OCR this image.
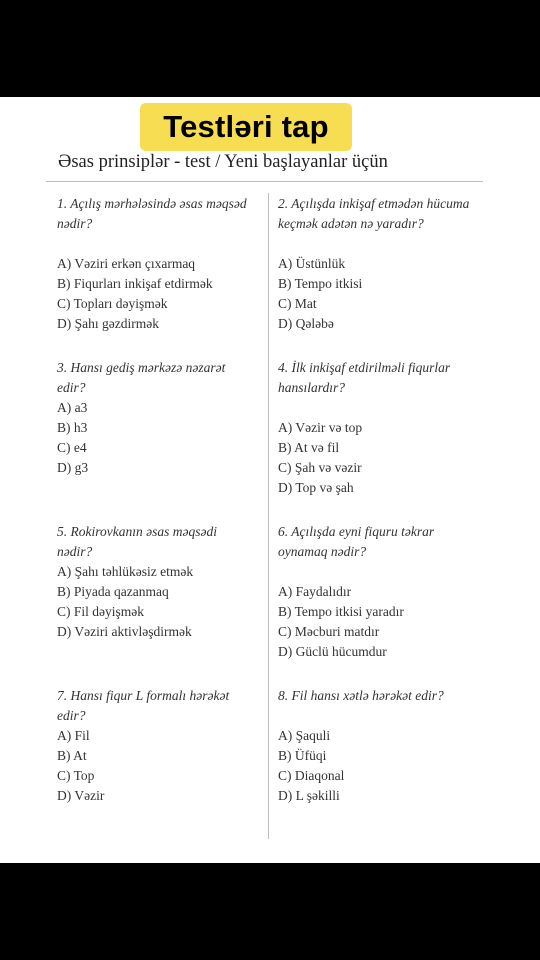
Testləri tap
Əsas prinsiplər - test / Yeni başlayanlar üçün

1. Açılış mərhələsində əsas məqsəd nədir?

A) Vəziri erkən çıxarmaq
B) Fiqurları inkişaf etdirmək
C) Topları dəyişmək
D) Şahı gəzdirmək

2. Açılışda inkişaf etmədən hücuma keçmək adətən nə yaradır?

A) Üstünlük
B) Tempo itkisi
C) Mat
D) Qələbə

3. Hansı gediş mərkəzə nəzarət edir?

A) a3
B) h3
C) e4
D) g3

4. İlk inkişaf etdirilməli fiqurlar hansılardır?

A) Vəzir və top
B) At və fil
C) Şah və vəzir
D) Top və şah

5. Rokirovkanın əsas məqsədi nədir?

A) Şahı təhlükəsiz etmək
B) Piyada qazanmaq
C) Fil dəyişmək
D) Vəziri aktivləşdirmək

6. Açılışda eyni fiquru təkrar oynamaq nədir?

A) Faydalıdır
B) Tempo itkisi yaradır
C) Məcburi matdır
D) Güclü hücumdur

7. Hansı fiqur L formalı hərəkət edir?

A) Fil
B) At
C) Top
D) Vəzir

8. Fil hansı xətlə hərəkət edir?

A) Şaquli
B) Üfüqi
C) Diaqonal
D) L şəkilli
